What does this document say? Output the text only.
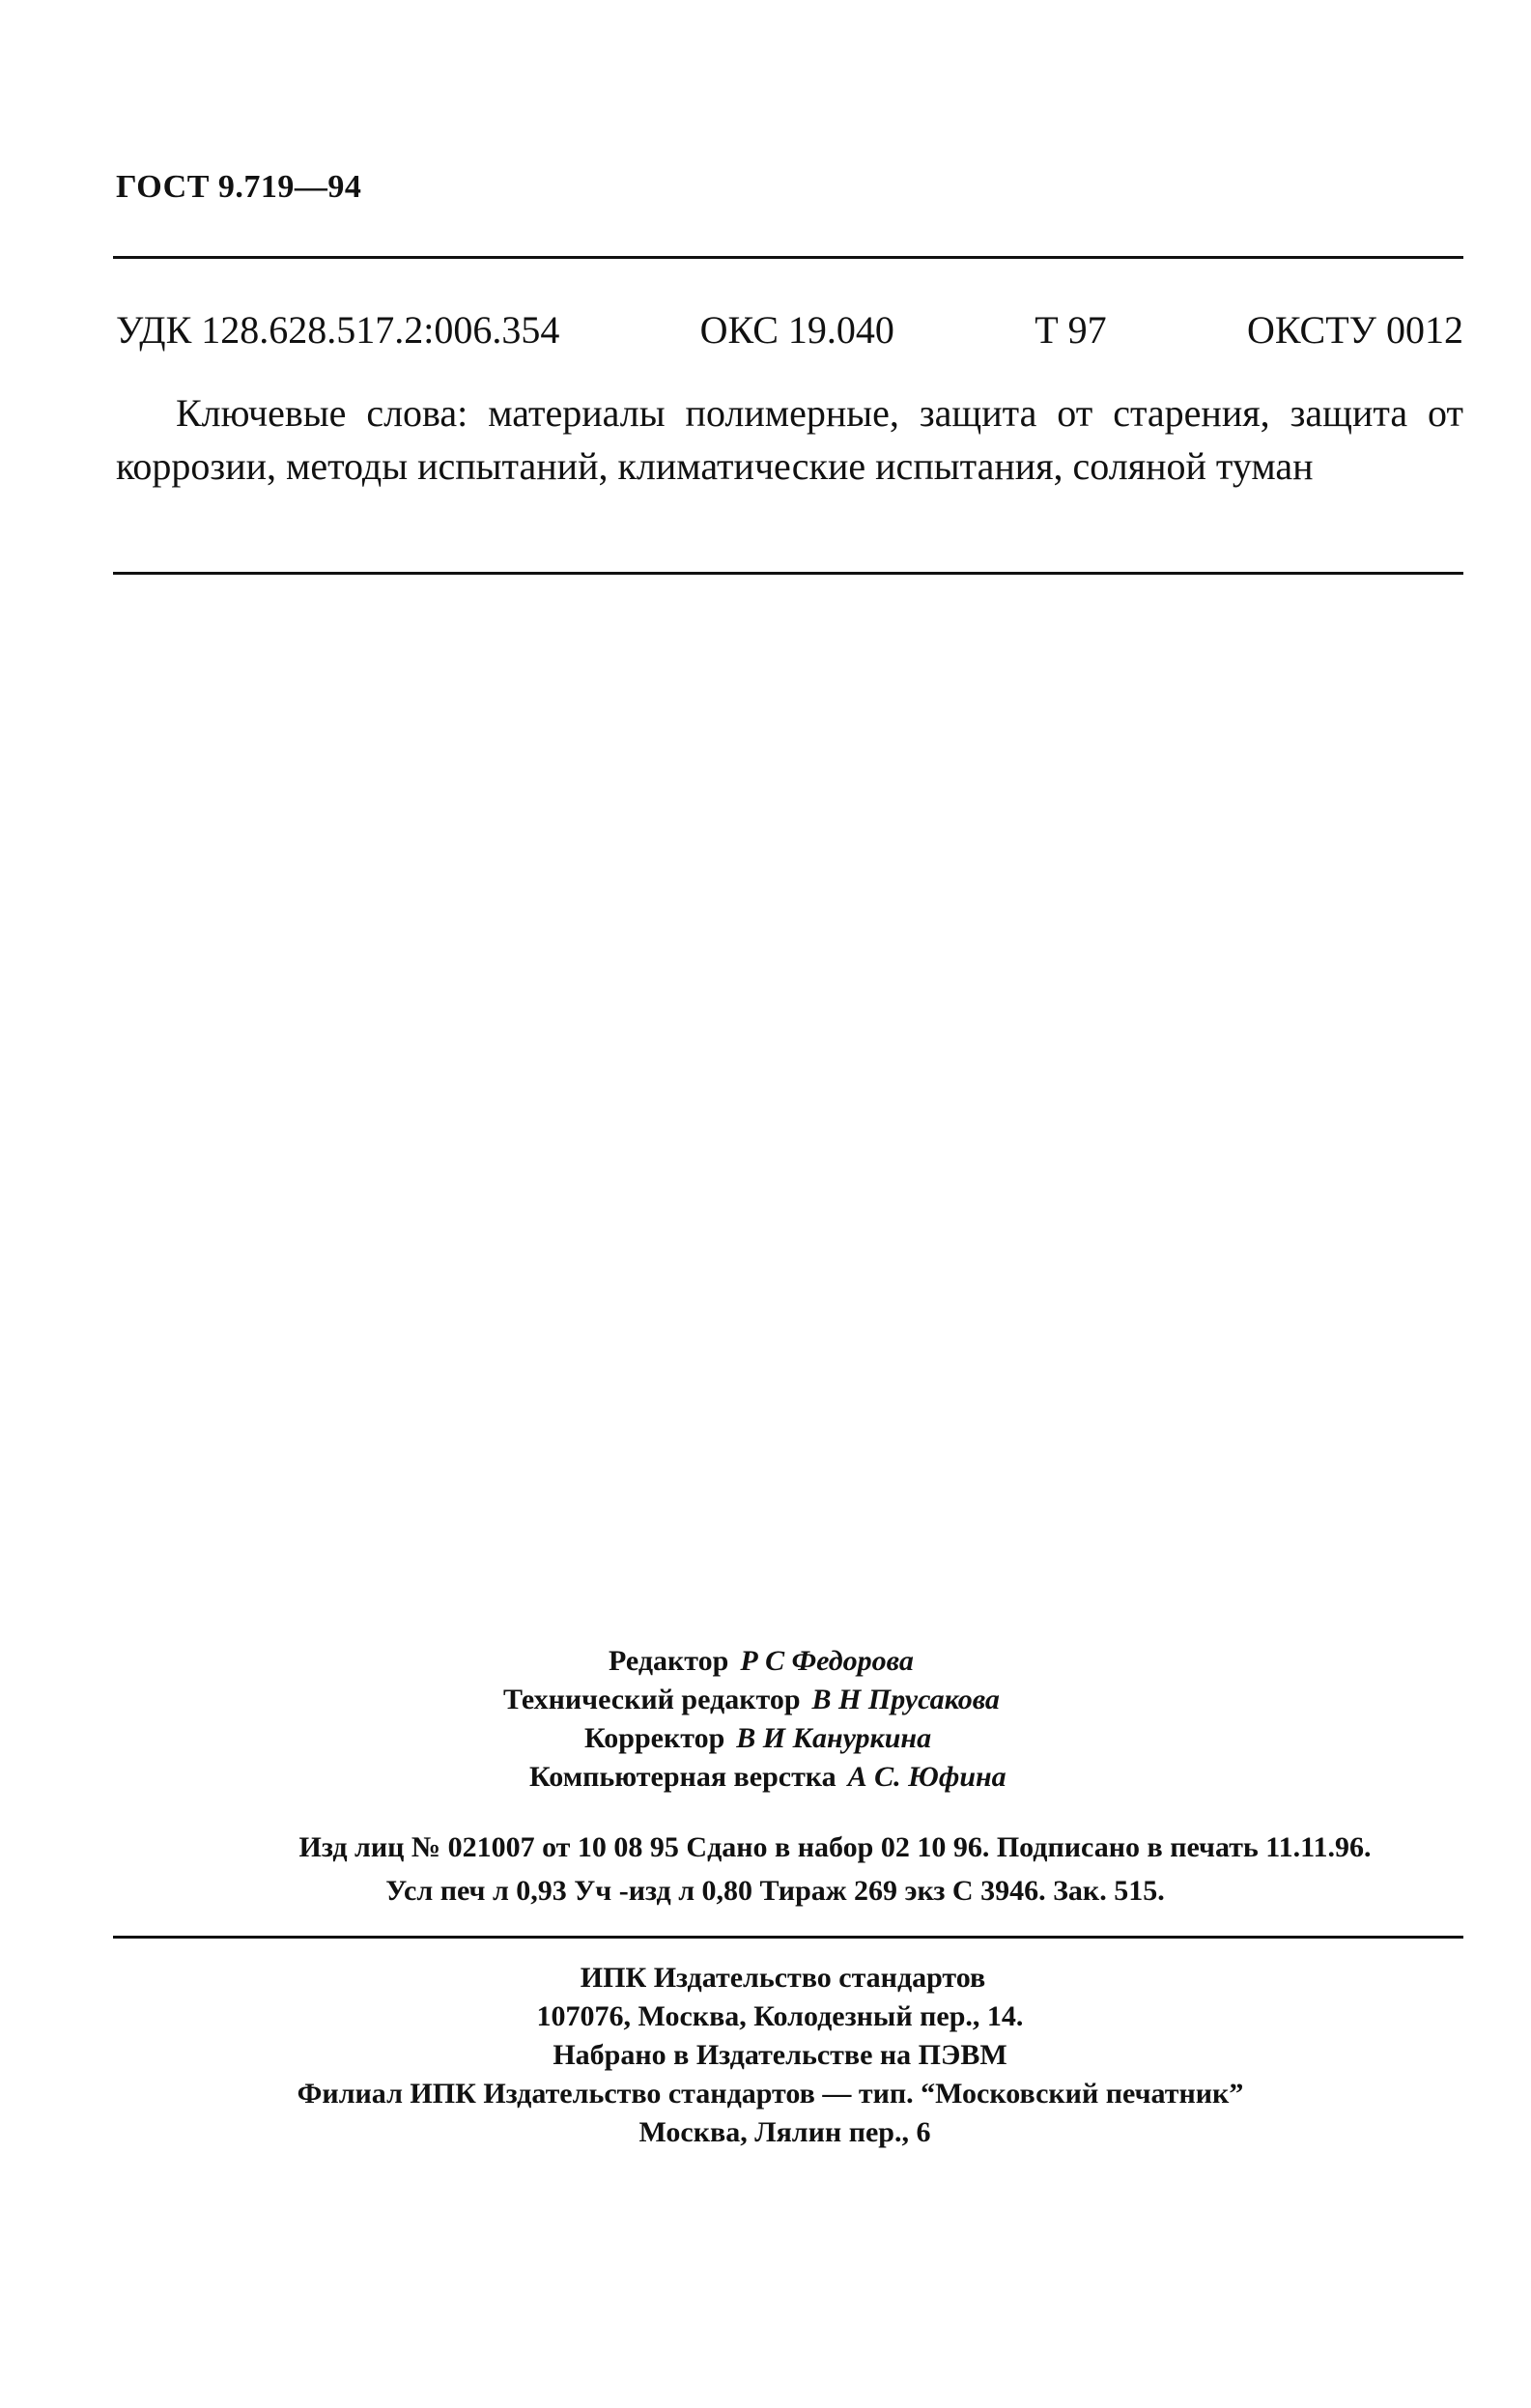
ГОСТ 9.719—94
УДК 128.628.517.2:006.354	ОКС 19.040	Т 97	ОКСТУ 0012
Ключевые слова: материалы полимерные, защита от старения, защита от коррозии, методы испытаний, климатические испытания, соляной туман
Редактор Р С Федорова
Технический редактор В Н Прусакова
Корректор В И Кануркина
Компьютерная верстка А С. Юфина
Изд лиц № 021007 от 10 08 95 Сдано в набор 02 10 96. Подписано в печать 11.11.96.
Усл печ л 0,93 Уч -изд л 0,80 Тираж 269 экз С 3946. Зак. 515.
ИПК Издательство стандартов
107076, Москва, Колодезный пер., 14.
Набрано в Издательстве на ПЭВМ
Филиал ИПК Издательство стандартов — тип. “Московский печатник”
Москва, Лялин пер., 6
